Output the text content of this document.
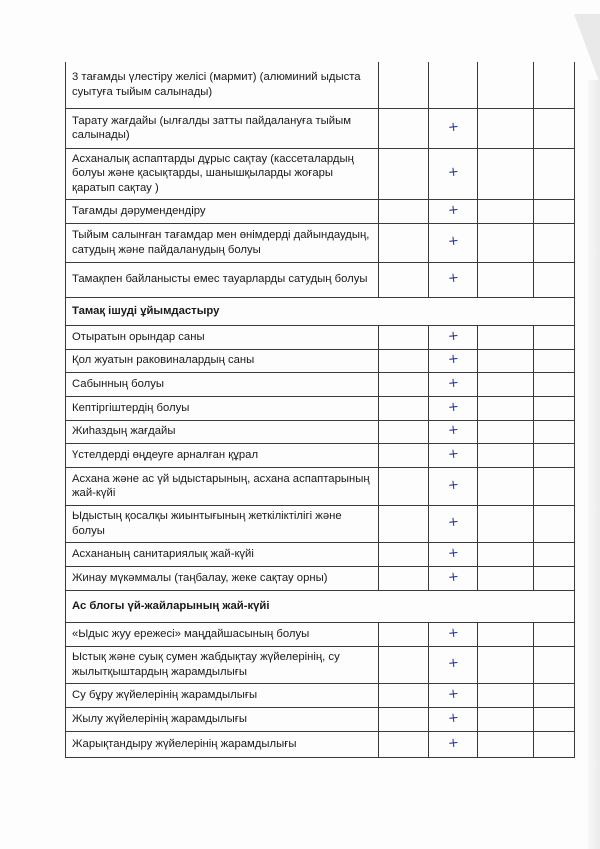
3 тағамды үлестіру желісі (мармит) (алюминий ыдыста суытуға тыйым салынады)				
Тарату жағдайы (ылғалды затты пайдалануға тыйым салынады)		+		
Асханалық аспаптарды дұрыс сақтау (кассеталардың болуы және қасықтарды, шанышқыларды жоғары қаратып сақтау )		+		
Тағамды дәрумендендіру		+		
Тыйым салынған тағамдар мен өнімдерді дайындаудың, сатудың және пайдаланудың болуы		+		
Тамақпен байланысты емес тауарларды сатудың болуы		+		
Тамақ ішуді ұйымдастыру				
Отыратын орындар саны		+		
Қол жуатын раковиналардың саны		+		
Сабынның болуы		+		
Кептіргіштердің болуы		+		
Жиһаздың жағдайы		+		
Үстелдерді өңдеуге арналған құрал		+		
Асхана және ас үй ыдыстарының, асхана аспаптарының жай-күйі		+		
Ыдыстың қосалқы жиынтығының жеткіліктілігі және болуы		+		
Асхананың санитариялық жай-күйі		+		
Жинау мүкәммалы (таңбалау, жеке сақтау орны)		+		
Ас блогы үй-жайларының жай-күйі				
«Ыдыс жуу ережесі» маңдайшасының болуы		+		
Ыстық және суық сумен жабдықтау жүйелерінің, су жылытқыштардың жарамдылығы		+		
Су бұру жүйелерінің жарамдылығы		+		
Жылу жүйелерінің жарамдылығы		+		
Жарықтандыру жүйелерінің жарамдылығы		+		
